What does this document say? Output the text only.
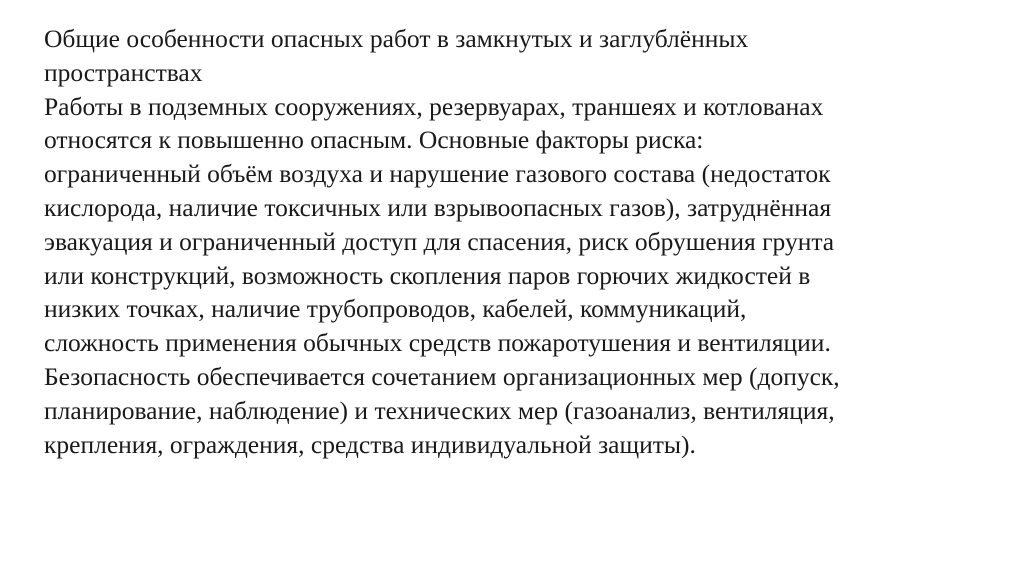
Общие особенности опасных работ в замкнутых и заглублённых
пространствах
Работы в подземных сооружениях, резервуарах, траншеях и котлованах
относятся к повышенно опасным. Основные факторы риска:
ограниченный объём воздуха и нарушение газового состава (недостаток
кислорода, наличие токсичных или взрывоопасных газов), затруднённая
эвакуация и ограниченный доступ для спасения, риск обрушения грунта
или конструкций, возможность скопления паров горючих жидкостей в
низких точках, наличие трубопроводов, кабелей, коммуникаций,
сложность применения обычных средств пожаротушения и вентиляции.
Безопасность обеспечивается сочетанием организационных мер (допуск,
планирование, наблюдение) и технических мер (газоанализ, вентиляция,
крепления, ограждения, средства индивидуальной защиты).
